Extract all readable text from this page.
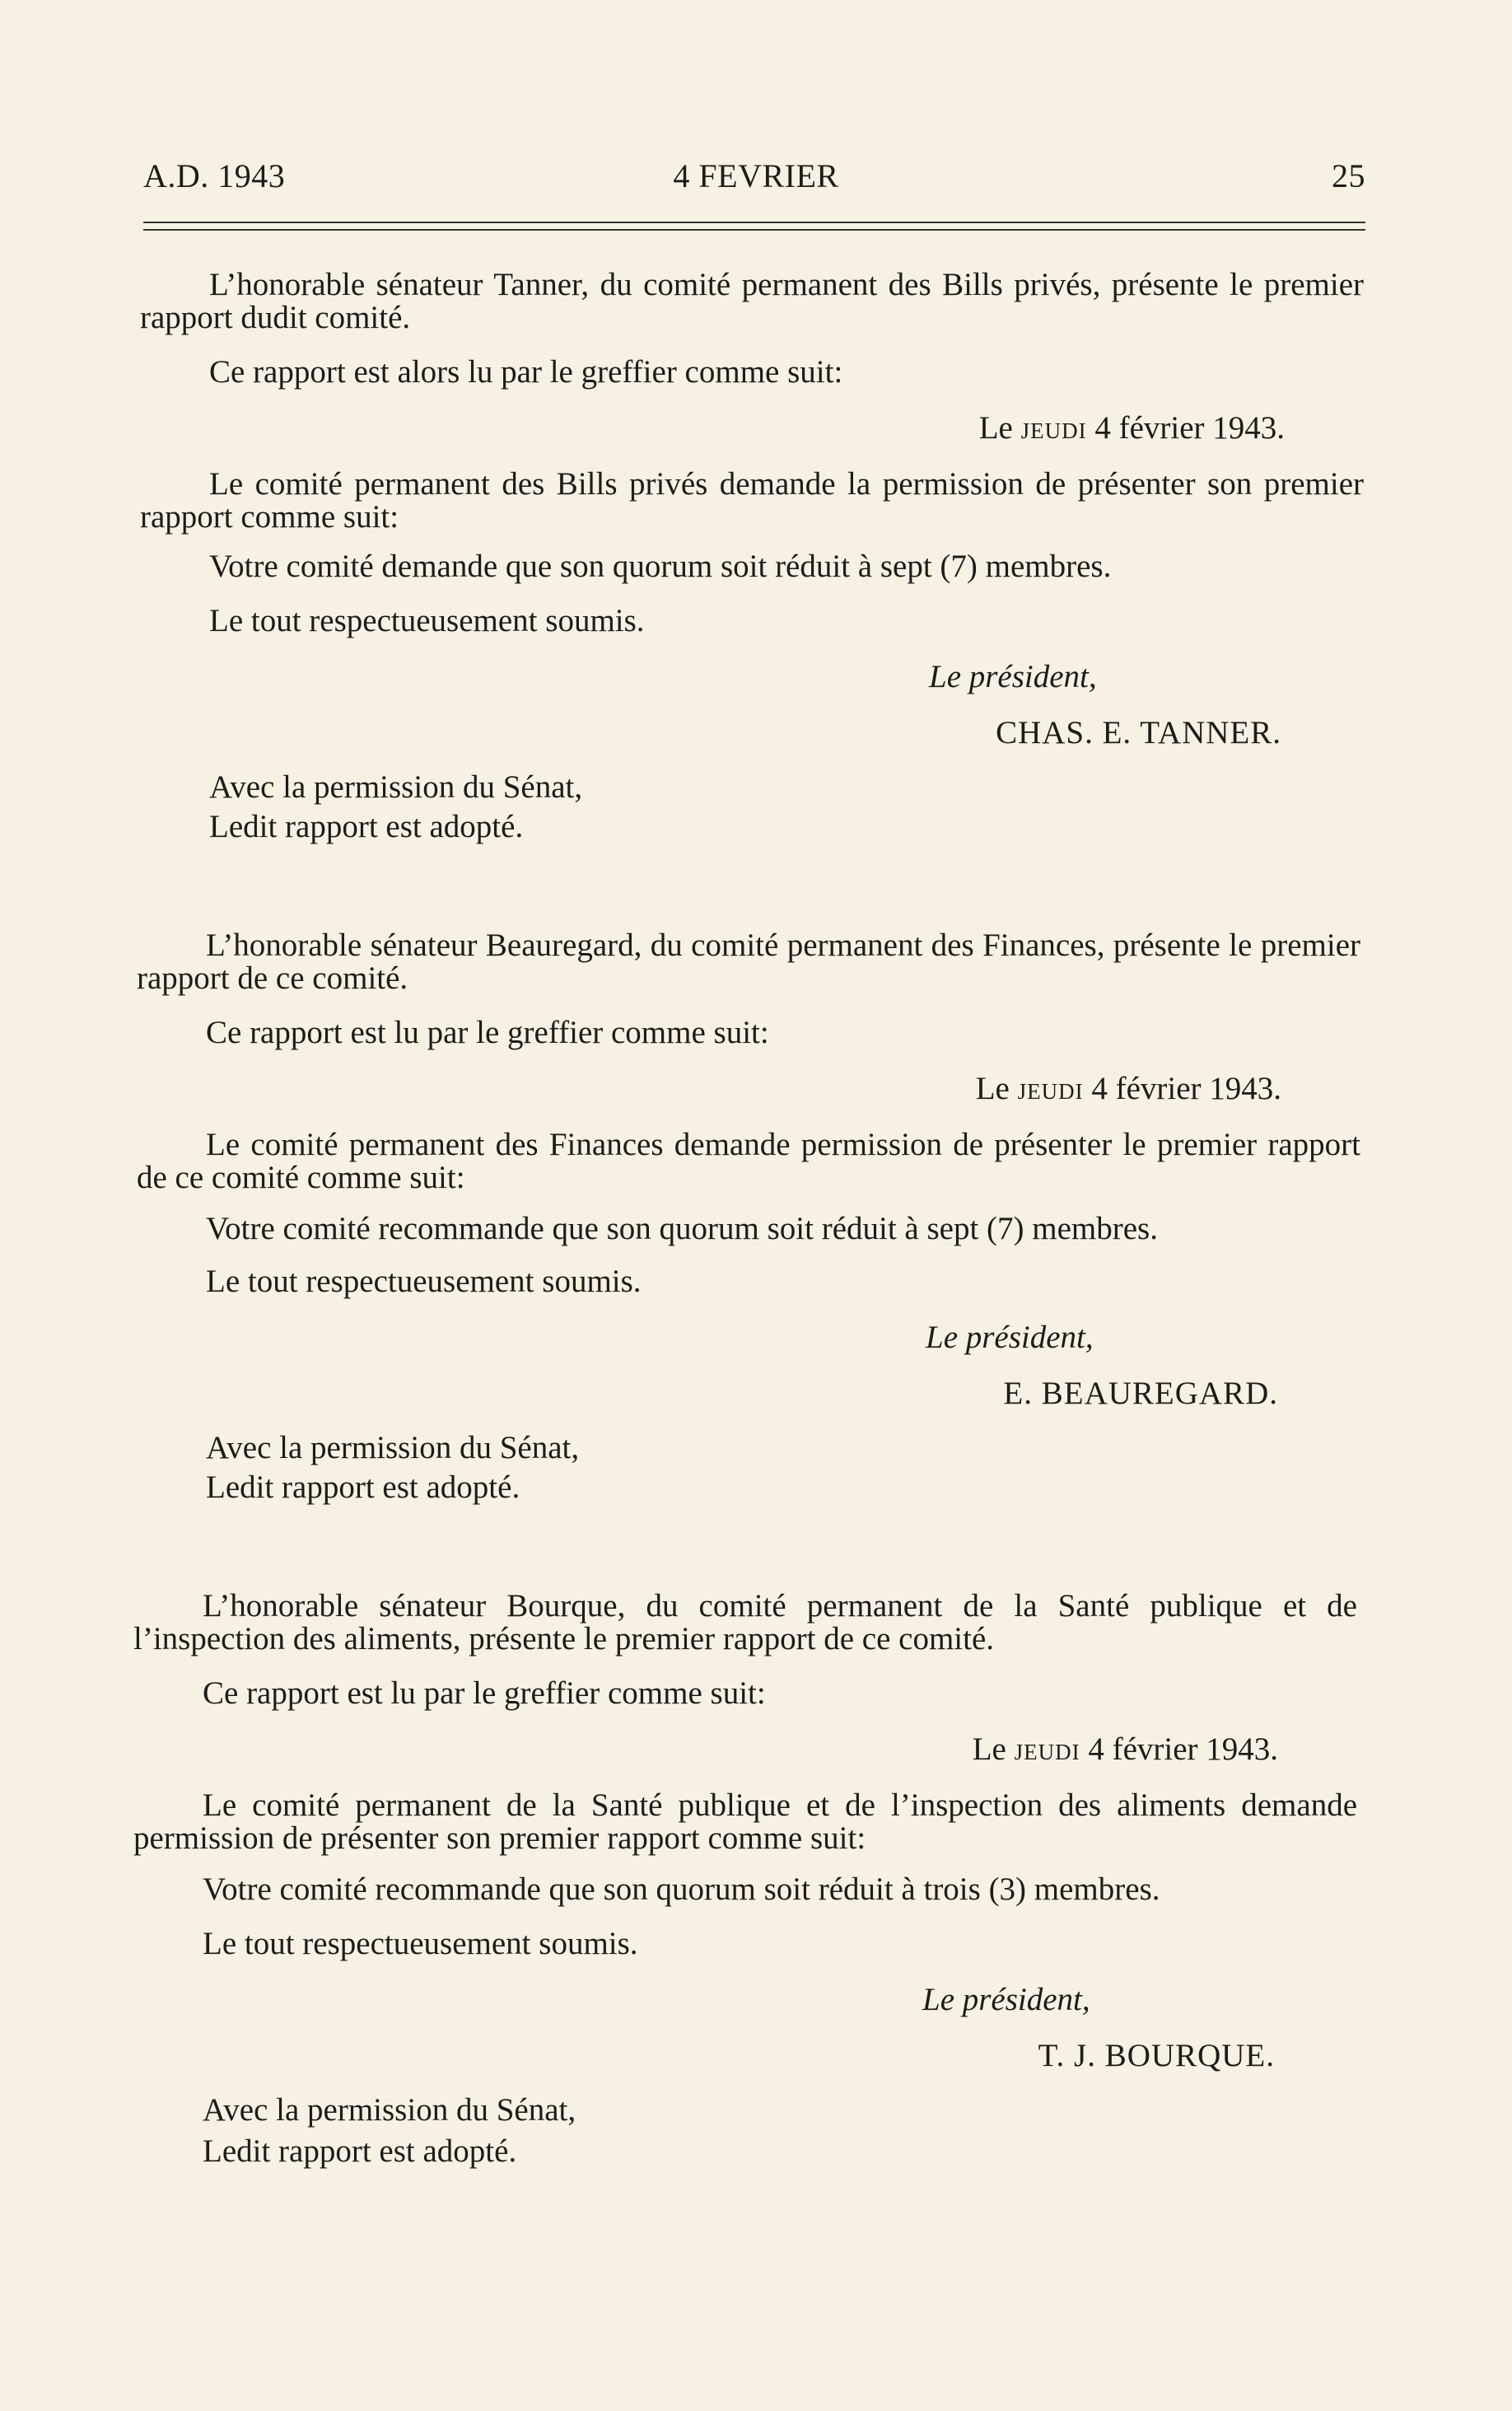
A.D. 1943	4 FEVRIER	25

L’honorable sénateur Tanner, du comité permanent des Bills privés, présente le premier rapport dudit comité.

Ce rapport est alors lu par le greffier comme suit:

Le jeudi 4 février 1943.

Le comité permanent des Bills privés demande la permission de présenter son premier rapport comme suit:

Votre comité demande que son quorum soit réduit à sept (7) membres.

Le tout respectueusement soumis.

Le président,

CHAS. E. TANNER.

Avec la permission du Sénat,

Ledit rapport est adopté.

L’honorable sénateur Beauregard, du comité permanent des Finances, présente le premier rapport de ce comité.

Ce rapport est lu par le greffier comme suit:

Le jeudi 4 février 1943.

Le comité permanent des Finances demande permission de présenter le premier rapport de ce comité comme suit:

Votre comité recommande que son quorum soit réduit à sept (7) membres.

Le tout respectueusement soumis.

Le président,

E. BEAUREGARD.

Avec la permission du Sénat,

Ledit rapport est adopté.

L’honorable sénateur Bourque, du comité permanent de la Santé publique et de l’inspection des aliments, présente le premier rapport de ce comité.

Ce rapport est lu par le greffier comme suit:

Le jeudi 4 février 1943.

Le comité permanent de la Santé publique et de l’inspection des aliments demande permission de présenter son premier rapport comme suit:

Votre comité recommande que son quorum soit réduit à trois (3) membres.

Le tout respectueusement soumis.

Le président,

T. J. BOURQUE.

Avec la permission du Sénat,

Ledit rapport est adopté.
